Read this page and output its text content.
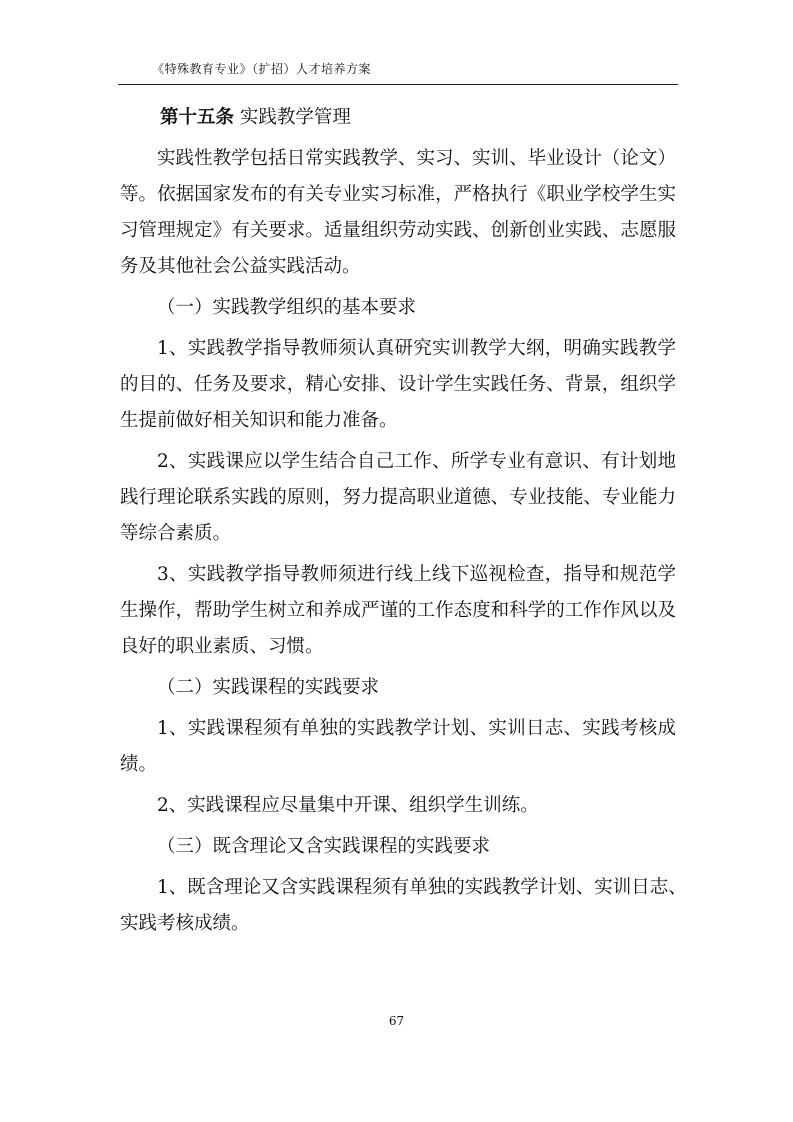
《特殊教育专业》（扩招）人才培养方案
第十五条 实践教学管理
实践性教学包括日常实践教学、实习、实训、毕业设计（论文）
等。依据国家发布的有关专业实习标准，严格执行《职业学校学生实
习管理规定》有关要求。适量组织劳动实践、创新创业实践、志愿服
务及其他社会公益实践活动。
（一）实践教学组织的基本要求
1、实践教学指导教师须认真研究实训教学大纲，明确实践教学
的目的、任务及要求，精心安排、设计学生实践任务、背景，组织学
生提前做好相关知识和能力准备。
2、实践课应以学生结合自己工作、所学专业有意识、有计划地
践行理论联系实践的原则，努力提高职业道德、专业技能、专业能力
等综合素质。
3、实践教学指导教师须进行线上线下巡视检查，指导和规范学
生操作，帮助学生树立和养成严谨的工作态度和科学的工作作风以及
良好的职业素质、习惯。
（二）实践课程的实践要求
1、实践课程须有单独的实践教学计划、实训日志、实践考核成
绩。
2、实践课程应尽量集中开课、组织学生训练。
（三）既含理论又含实践课程的实践要求
1、既含理论又含实践课程须有单独的实践教学计划、实训日志、
实践考核成绩。
67
